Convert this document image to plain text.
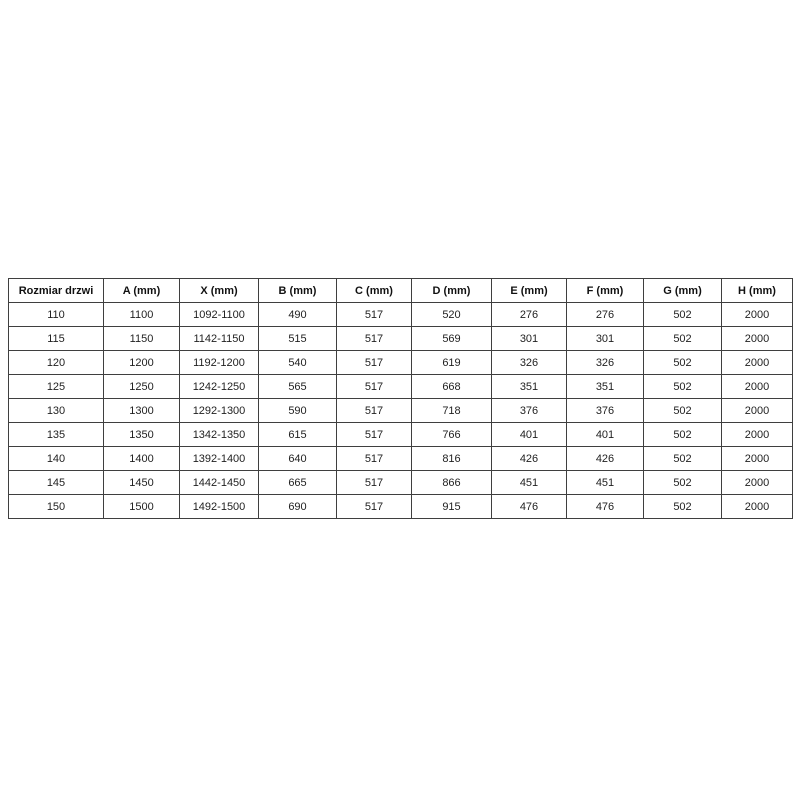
Rozmiar drzwi	A (mm)	X (mm)	B (mm)	C (mm)	D (mm)	E (mm)	F (mm)	G (mm)	H (mm)
110	1100	1092-1100	490	517	520	276	276	502	2000
115	1150	1142-1150	515	517	569	301	301	502	2000
120	1200	1192-1200	540	517	619	326	326	502	2000
125	1250	1242-1250	565	517	668	351	351	502	2000
130	1300	1292-1300	590	517	718	376	376	502	2000
135	1350	1342-1350	615	517	766	401	401	502	2000
140	1400	1392-1400	640	517	816	426	426	502	2000
145	1450	1442-1450	665	517	866	451	451	502	2000
150	1500	1492-1500	690	517	915	476	476	502	2000
